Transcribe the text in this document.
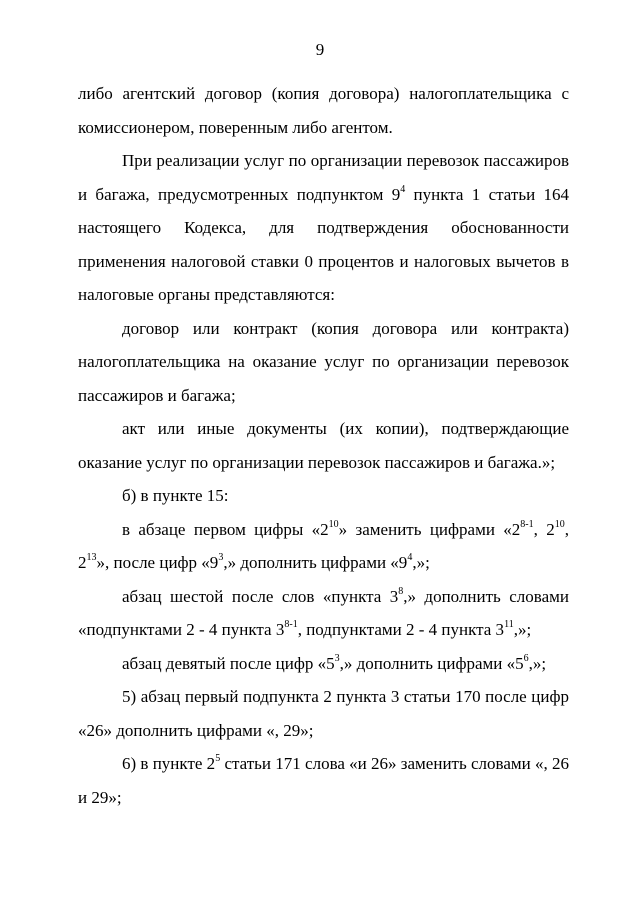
9

либо агентский договор (копия договора) налогоплательщика с комиссионером, поверенным либо агентом.

При реализации услуг по организации перевозок пассажиров и багажа, предусмотренных подпунктом $9^4$ пункта 1 статьи 164 настоящего Кодекса, для подтверждения обоснованности применения налоговой ставки 0 процентов и налоговых вычетов в налоговые органы представляются:

договор или контракт (копия договора или контракта) налогоплательщика на оказание услуг по организации перевозок пассажиров и багажа;

акт или иные документы (их копии), подтверждающие оказание услуг по организации перевозок пассажиров и багажа.»;

б) в пункте 15:

в абзаце первом цифры «$2^{10}$» заменить цифрами «2$^{8-1}$, $2^{10}$, $2^{13}$», после цифр «$9^3$,» дополнить цифрами «$9^4$,»;

абзац шестой после слов «пункта $3^8$,» дополнить словами «подпунктами 2 - 4 пункта 3$^{8-1}$, подпунктами 2 - 4 пункта $3^{11}$,»;

абзац девятый после цифр «$5^3$,» дополнить цифрами «$5^6$,»;

5) абзац первый подпункта 2 пункта 3 статьи 170 после цифр «26» дополнить цифрами «, 29»;

6) в пункте $2^5$ статьи 171 слова «и 26» заменить словами «, 26 и 29»;
